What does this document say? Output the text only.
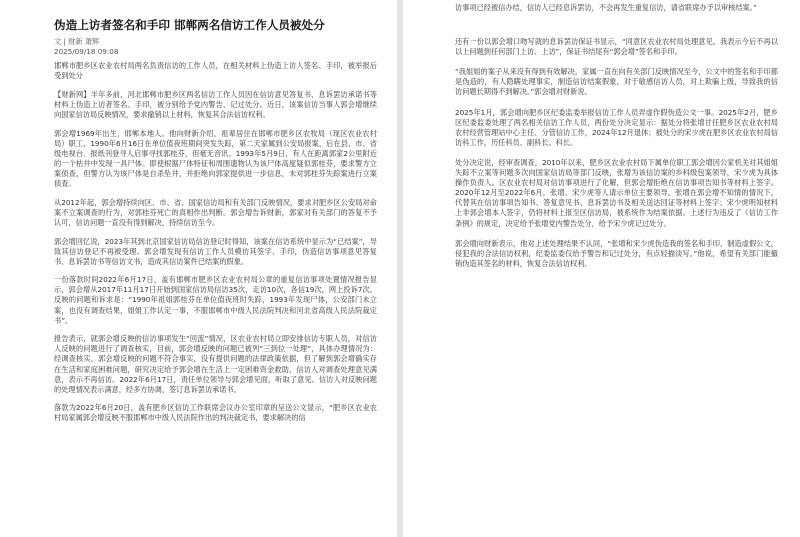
伪造上访者签名和手印 邯郸两名信访工作人员被处分
文 | 财新 萧辉
2025/09/18 09:08

邯郸市肥乡区农业农村局两名负责信访的工作人员，在相关材料上伪造上访人签名、手印，被举报后受到处分

【财新网】半年多前，河北邯郸市肥乡区两名信访工作人员因在信访意见答复书、息诉罢访承诺书等材料上伪造上访者签名、手印，被分别给予党内警告、记过处分。近日，该案信访当事人郭会增继续向国家信访局反映情况，要求撤销以上材料，恢复其合法信访权利。

郭会增1969年出生，邯郸本地人。他向财新介绍，祖辈居住在邯郸市肥乡区农牧局（现区农业农村局）职工，1990年6月16日在单位值夜班期间突发失踪，第二天家属到公安局报案，后在县、市、省级电视台、报纸刊登寻人启事寻找郭桂芬，但毫无音讯。1993年5月9日，有人在距离郭家2公里附近的一个枯井中发现一具尸体。即使根据尸体特征和周围遗物认为该尸体高度疑似郭桂芬，要求警方立案侦查，但警方认为该尸体是自杀坠井，并拒绝向郭家提供进一步信息，未对郭桂芬失踪案进行立案侦查。

从2012年起，郭会增持续向区、市、省、国家信访局和有关部门反映情况，要求对肥乡区公安局对命案不立案调查的行为，对郭桂芬死亡的真相作出判断。郭会增告诉财新，郭家对有关部门的答复不予认可，信访问题一直没有得到解决，持续信访至今。

郭会增回忆说，2023年其到北京国家信访局信访登记时得知，该案在信访系统中显示为“已结案”，导致其信访登记不再被受理。郭会增发现有信访工作人员模仿其签字、手印，伪造信访事项意见答复书、息诉罢访书等信访文书，造成其信访案件已结案的假象。

一份落款时间2022年6月17日，盖有邯郸市肥乡区农业农村局公章的重复信访事项处置情况报告显示，郭会增从2017年11月17日开始到国家信访局信访35次，走访10次，各信19次，网上投诉7次。反映的问题和诉求是：“1990年祖姐郭桂芬在单位值夜班时失踪，1993年发现尸体，公安部门未立案，也没有调查结果，姐姐工作认定一事，不服邯郸市中级人民法院判决和河北省高级人民法院裁定书”。

报告表示，就郭会增反映的信访事项发生“回流”情况，区农业农村局立即安排信访专职人员，对信访人反映的问题进行了调查核实，目前，郭会增反映的问题已被列“三到位一处理”，具体办理情况为：经调查核实，郭会增反映的问题不符合事实，没有提供问题的法律政策依据，但了解到郭会增确实存在生活和家庭困难问题，研究决定给予郭会增在生活上一定困难资金救助，信访人对调查处理意见满意，表示不再信访。2022年6月17日，责任单位领导与郭会增见面，听取了意见。信访人对反映问题的处理情况表示满意，经多方协调，签订息诉罢访承诺书。

落款为2022年6月20日，盖有肥乡区信访工作联席会议办公室印章的呈送公文显示，“肥乡区农业农村局家属郭会增反映不服邯郸市中级人民法院作出的判决裁定书，要求解决的信

访事项已经被信办结，信访人已经息诉罢访，不会再发生重复信访，请省联席办予以审核结案。”

还有一份以郭会增口吻写就的息诉罢访保证书显示，“同意区农业农村局处理意见，我表示今后不再以以上问题到任何部门上访、上访”，保证书结尾有“郭会增”签名和手印。

“我姐姐的案子从来没有得到有效解决，家属一直在向有关部门反映情况至今，公文中的签名和手印都是伪造的，有人隐瞒处理事实，制造信访结案假象，对于敏感信访人员，对上欺骗上级，导致我的信访问题长期得不到解决。”郭会增对财新说。

2025年1月，郭会增向肥乡区纪委监委举报信访工作人员弄虚作假伪造公文一事。2025年2月，肥乡区纪委监委处理了两名相关信访工作人员，两份处分决定显示：据处分将张增甘任肥乡区农业农村局农村经营管理站中心主任、分管信访工作，2024年12月退休；被处分的宋少虎在肥乡区农业农村局信访科工作，历任科员、副科长、科长。

处分决定说，经审查调查，2010年以来，肥乡区农业农村局下属单位职工郭会增因公家机关对其姐姐失踪不立案等问题多次向国家信访局等部门反映，张增为该信访案的乡科级包案领导，宋少虎为具体操作负责人。区农业农村局对信访事项进行了化解，但郭会增拒绝在信访事项告知书等材料上签字。2020年12月至2022年6月，张增、宋少虎等人请示单位主要领导，张增在郭会增不知情的情况下，代替其在信访事项告知书、答复意见书、息诉罢访书及相关送达回证等材料上签字；宋少虎明知材料上非郭会增本人签字，仍将材料上报至区信访局，被系统作为结案依据。上述行为违反了《信访工作条例》的规定，决定给予张增党内警告处分，给予宋少虎记过处分。

郭会增向财新表示，他对上述处理结果不认同，“张增和宋少虎伪造我的签名和手印，制造虚假公文，侵犯我的合法信访权利，纪委监委仅给予警告和记过处分，有点轻描淡写。”他说，希望有关部门能撤销伪造其签名的材料，恢复合法信访权利。
